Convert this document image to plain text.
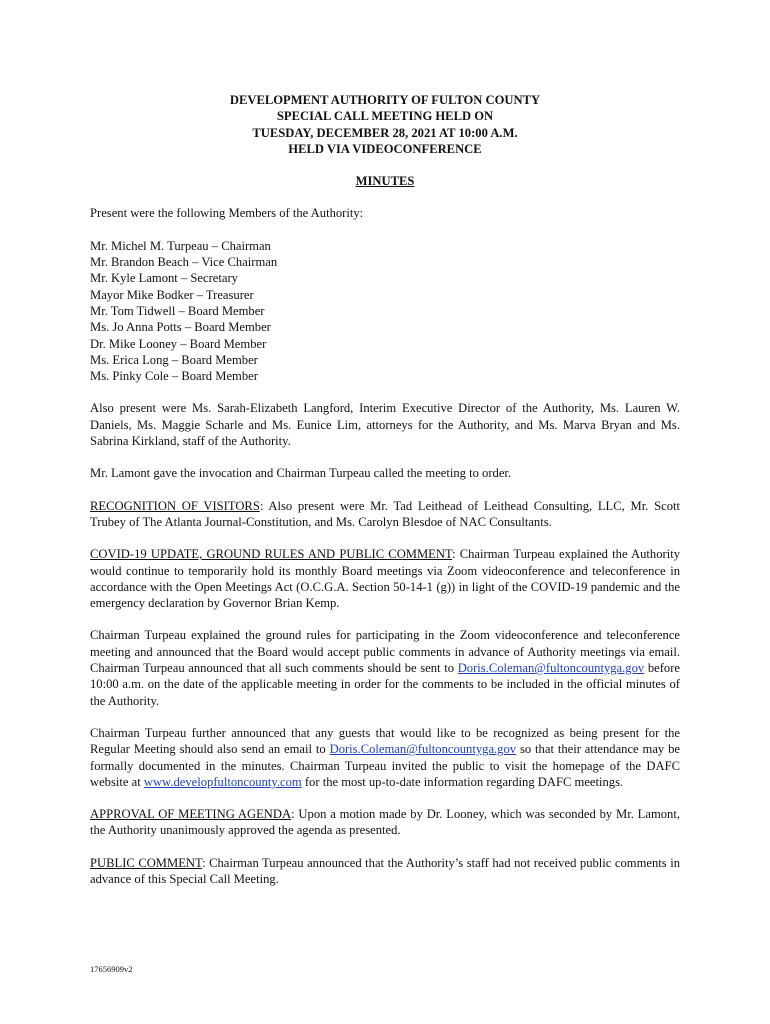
DEVELOPMENT AUTHORITY OF FULTON COUNTY
SPECIAL CALL MEETING HELD ON
TUESDAY, DECEMBER 28, 2021 AT 10:00 A.M.
HELD VIA VIDEOCONFERENCE
MINUTES

Present were the following Members of the Authority:

Mr. Michel M. Turpeau – Chairman
Mr. Brandon Beach – Vice Chairman
Mr. Kyle Lamont – Secretary
Mayor Mike Bodker – Treasurer
Mr. Tom Tidwell – Board Member
Ms. Jo Anna Potts – Board Member
Dr. Mike Looney – Board Member
Ms. Erica Long – Board Member
Ms. Pinky Cole – Board Member

Also present were Ms. Sarah-Elizabeth Langford, Interim Executive Director of the Authority, Ms. Lauren W. Daniels, Ms. Maggie Scharle and Ms. Eunice Lim, attorneys for the Authority, and Ms. Marva Bryan and Ms. Sabrina Kirkland, staff of the Authority.

Mr. Lamont gave the invocation and Chairman Turpeau called the meeting to order.

RECOGNITION OF VISITORS: Also present were Mr. Tad Leithead of Leithead Consulting, LLC, Mr. Scott Trubey of The Atlanta Journal-Constitution, and Ms. Carolyn Blesdoe of NAC Consultants.

COVID-19 UPDATE, GROUND RULES AND PUBLIC COMMENT: Chairman Turpeau explained the Authority would continue to temporarily hold its monthly Board meetings via Zoom videoconference and teleconference in accordance with the Open Meetings Act (O.C.G.A. Section 50-14-1 (g)) in light of the COVID-19 pandemic and the emergency declaration by Governor Brian Kemp.

Chairman Turpeau explained the ground rules for participating in the Zoom videoconference and teleconference meeting and announced that the Board would accept public comments in advance of Authority meetings via email. Chairman Turpeau announced that all such comments should be sent to Doris.Coleman@fultoncountyga.gov before 10:00 a.m. on the date of the applicable meeting in order for the comments to be included in the official minutes of the Authority.

Chairman Turpeau further announced that any guests that would like to be recognized as being present for the Regular Meeting should also send an email to Doris.Coleman@fultoncountyga.gov so that their attendance may be formally documented in the minutes. Chairman Turpeau invited the public to visit the homepage of the DAFC website at www.developfultoncounty.com for the most up-to-date information regarding DAFC meetings.

APPROVAL OF MEETING AGENDA: Upon a motion made by Dr. Looney, which was seconded by Mr. Lamont, the Authority unanimously approved the agenda as presented.

PUBLIC COMMENT: Chairman Turpeau announced that the Authority’s staff had not received public comments in advance of this Special Call Meeting.

17656909v2
